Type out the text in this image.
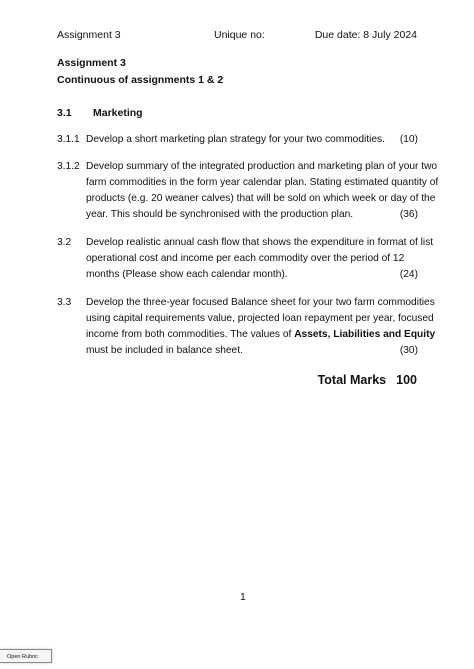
Assignment 3	Unique no:	Due date: 8 July 2024
Assignment 3
Continuous of assignments 1 & 2
3.1 Marketing
3.1.1 Develop a short marketing plan strategy for your two commodities. (10)
3.1.2 Develop summary of the integrated production and marketing plan of your two
farm commodities in the form year calendar plan. Stating estimated quantity of
products (e.g. 20 weaner calves) that will be sold on which week or day of the
year. This should be synchronised with the production plan.	(36)
3.2 Develop realistic annual cash flow that shows the expenditure in format of list
operational cost and income per each commodity over the period of 12
months (Please show each calendar month).	(24)
3.3 Develop the three-year focused Balance sheet for your two farm commodities
using capital requirements value, projected loan repayment per year, focused
income from both commodities. The values of Assets, Liabilities and Equity
must be included in balance sheet.	(30)
Total Marks 100
1
Open Rubric
